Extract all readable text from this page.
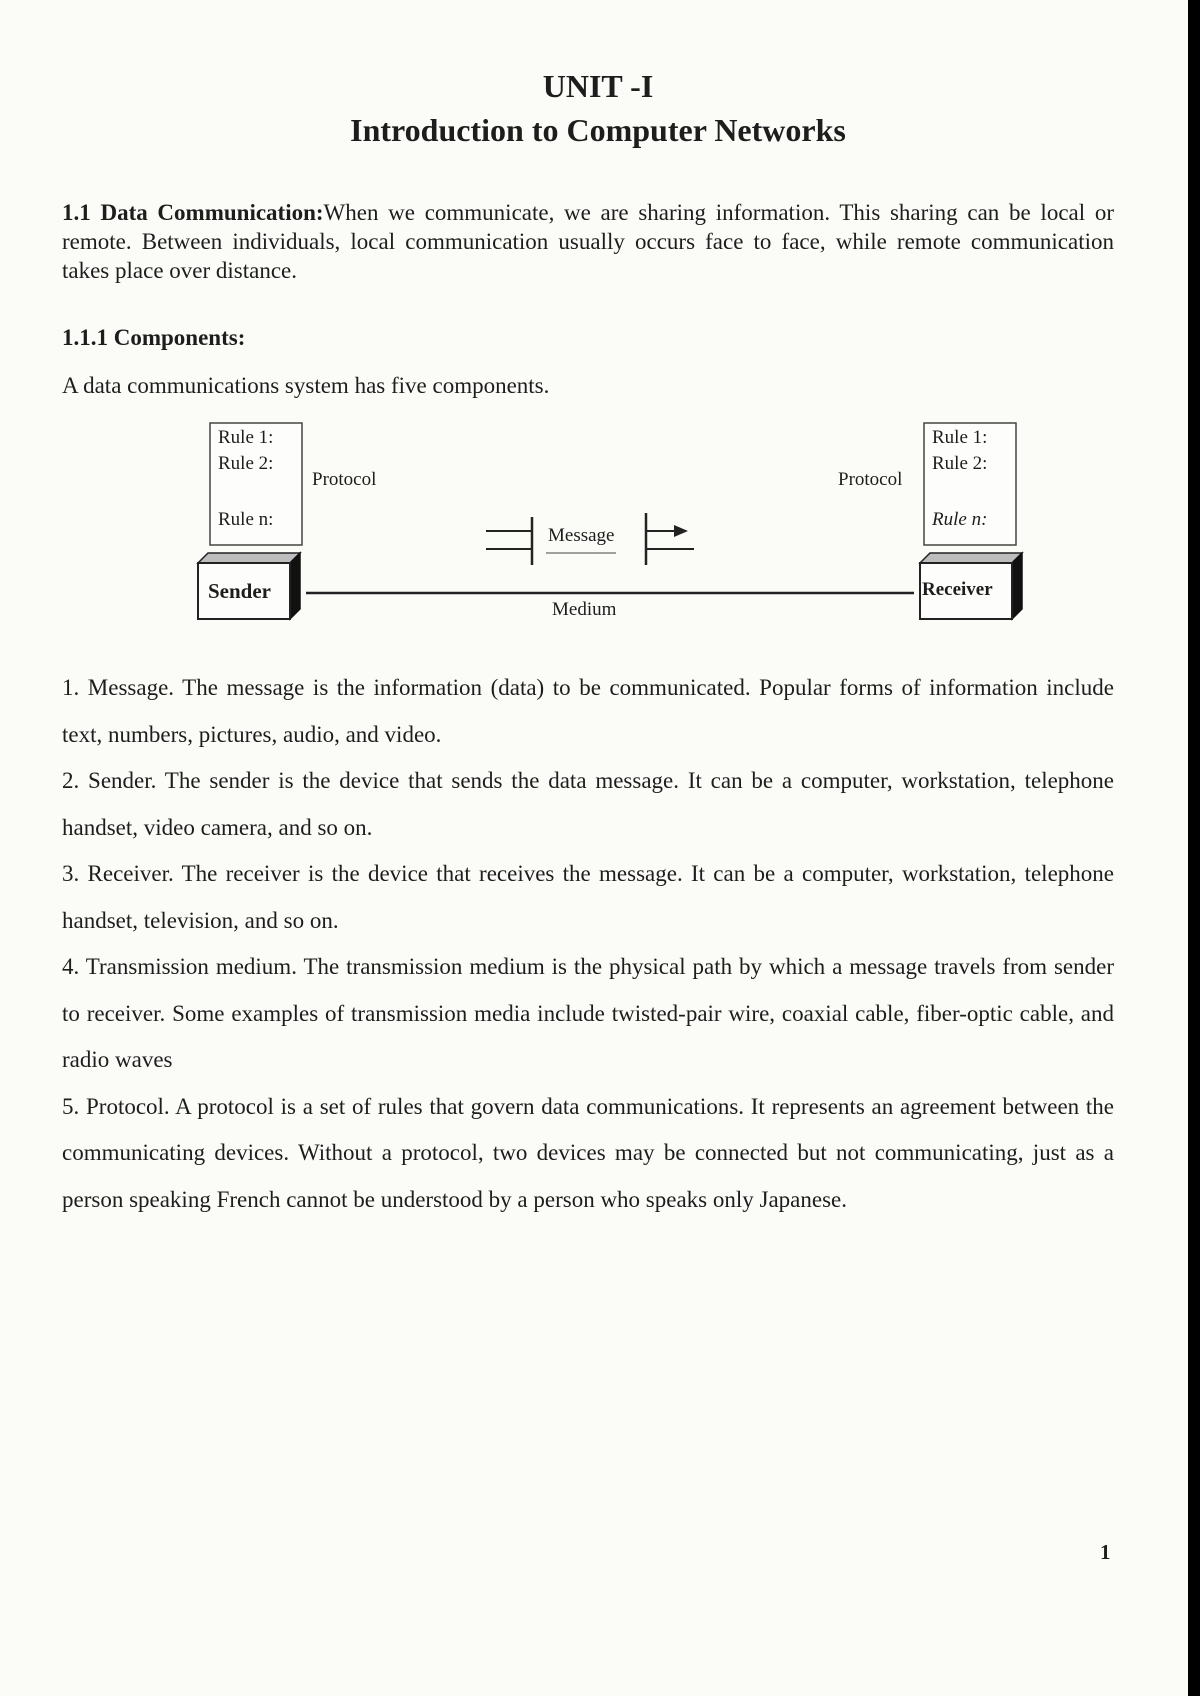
UNIT -I
Introduction to Computer Networks
1.1 Data Communication:When we communicate, we are sharing information. This sharing can be local or remote. Between individuals, local communication usually occurs face to face, while remote communication takes place over distance.
1.1.1 Components:
A data communications system has five components.
Rule 1:
Rule 2:
Rule n:
Rule 1:
Rule 2:
Rule n:
Protocol	Protocol
Message
Medium
Sender	Receiver
1. Message. The message is the information (data) to be communicated. Popular forms of information include text, numbers, pictures, audio, and video.
2. Sender. The sender is the device that sends the data message. It can be a computer, workstation, telephone handset, video camera, and so on.
3. Receiver. The receiver is the device that receives the message. It can be a computer, workstation, telephone handset, television, and so on.
4. Transmission medium. The transmission medium is the physical path by which a message travels from sender to receiver. Some examples of transmission media include twisted-pair wire, coaxial cable, fiber-optic cable, and radio waves
5. Protocol. A protocol is a set of rules that govern data communications. It represents an agreement between the communicating devices. Without a protocol, two devices may be connected but not communicating, just as a person speaking French cannot be understood by a person who speaks only Japanese.
1
